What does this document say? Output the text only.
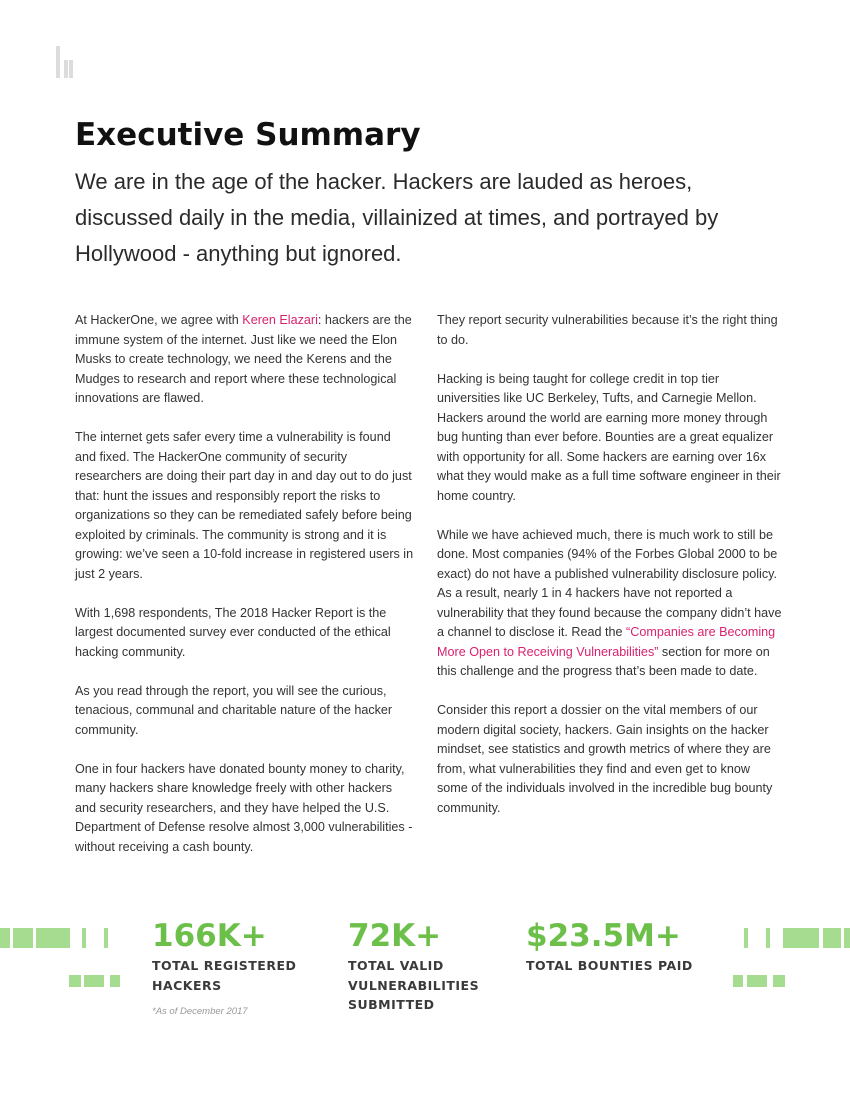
Executive Summary

We are in the age of the hacker. Hackers are lauded as heroes, discussed daily in the media, villainized at times, and portrayed by Hollywood - anything but ignored.

At HackerOne, we agree with Keren Elazari: hackers are the immune system of the internet. Just like we need the Elon Musks to create technology, we need the Kerens and the Mudges to research and report where these technological innovations are flawed.

The internet gets safer every time a vulnerability is found and fixed. The HackerOne community of security researchers are doing their part day in and day out to do just that: hunt the issues and responsibly report the risks to organizations so they can be remediated safely before being exploited by criminals. The community is strong and it is growing: we’ve seen a 10-fold increase in registered users in just 2 years.

With 1,698 respondents, The 2018 Hacker Report is the largest documented survey ever conducted of the ethical hacking community.

As you read through the report, you will see the curious, tenacious, communal and charitable nature of the hacker community.

One in four hackers have donated bounty money to charity, many hackers share knowledge freely with other hackers and security researchers, and they have helped the U.S. Department of Defense resolve almost 3,000 vulnerabilities - without receiving a cash bounty.

They report security vulnerabilities because it’s the right thing to do.

Hacking is being taught for college credit in top tier universities like UC Berkeley, Tufts, and Carnegie Mellon. Hackers around the world are earning more money through bug hunting than ever before. Bounties are a great equalizer with opportunity for all. Some hackers are earning over 16x what they would make as a full time software engineer in their home country.

While we have achieved much, there is much work to still be done. Most companies (94% of the Forbes Global 2000 to be exact) do not have a published vulnerability disclosure policy. As a result, nearly 1 in 4 hackers have not reported a vulnerability that they found because the company didn’t have a channel to disclose it. Read the “Companies are Becoming More Open to Receiving Vulnerabilities” section for more on this challenge and the progress that’s been made to date.

Consider this report a dossier on the vital members of our modern digital society, hackers. Gain insights on the hacker mindset, see statistics and growth metrics of where they are from, what vulnerabilities they find and even get to know some of the individuals involved in the incredible bug bounty community.

166K+
TOTAL REGISTERED
HACKERS
72K+
TOTAL VALID
VULNERABILITIES
SUBMITTED
$23.5M+
TOTAL BOUNTIES PAID
*As of December 2017
